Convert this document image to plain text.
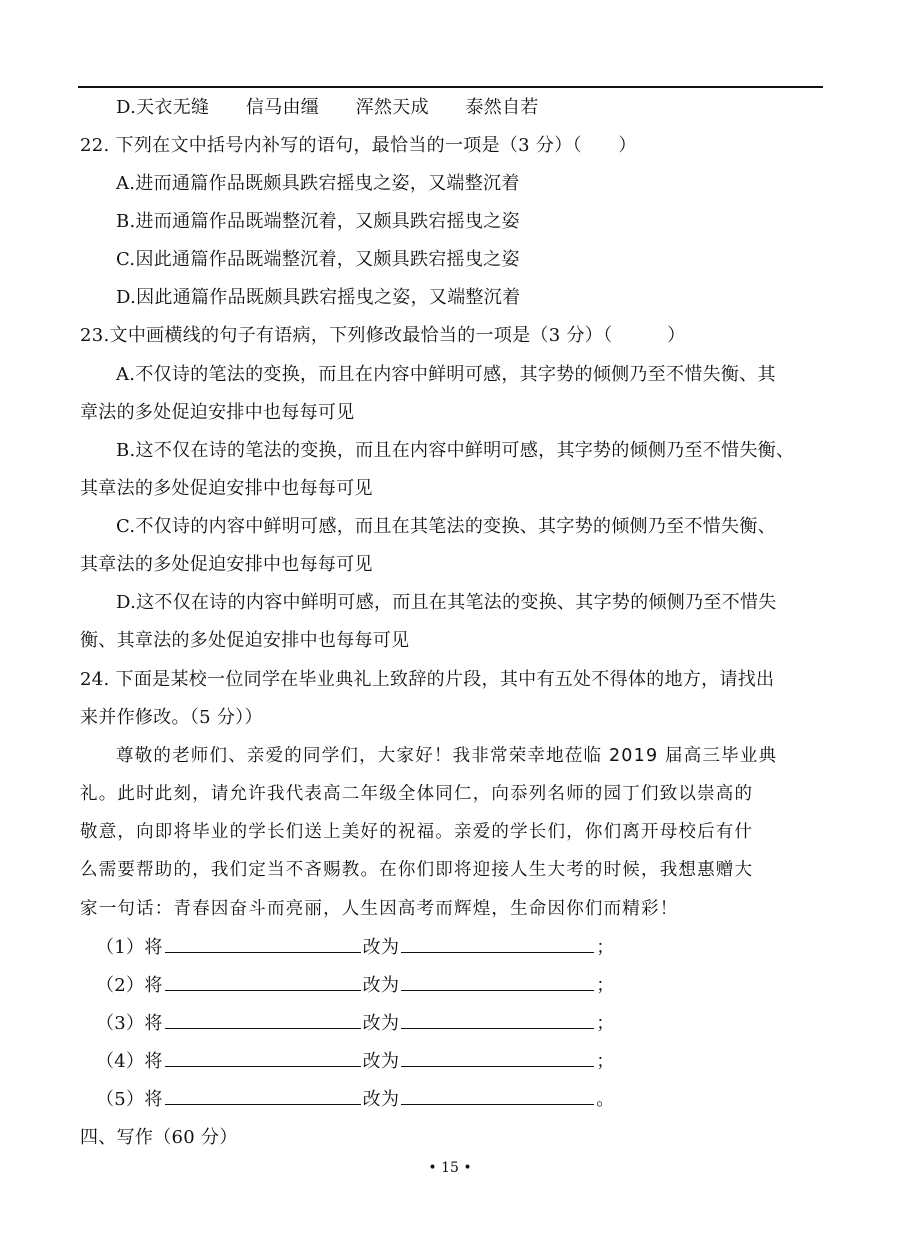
D.天衣无缝　　信马由缰　　浑然天成　　泰然自若
22. 下列在文中括号内补写的语句，最恰当的一项是（3 分）（　　）
A.进而通篇作品既颇具跌宕摇曳之姿，又端整沉着
B.进而通篇作品既端整沉着，又颇具跌宕摇曳之姿
C.因此通篇作品既端整沉着，又颇具跌宕摇曳之姿
D.因此通篇作品既颇具跌宕摇曳之姿，又端整沉着
23.文中画横线的句子有语病，下列修改最恰当的一项是（3 分）（　　　）
A.不仅诗的笔法的变换，而且在内容中鲜明可感，其字势的倾侧乃至不惜失衡、其
章法的多处促迫安排中也每每可见
B.这不仅在诗的笔法的变换，而且在内容中鲜明可感，其字势的倾侧乃至不惜失衡、
其章法的多处促迫安排中也每每可见
C.不仅诗的内容中鲜明可感，而且在其笔法的变换、其字势的倾侧乃至不惜失衡、
其章法的多处促迫安排中也每每可见
D.这不仅在诗的内容中鲜明可感，而且在其笔法的变换、其字势的倾侧乃至不惜失
衡、其章法的多处促迫安排中也每每可见
24. 下面是某校一位同学在毕业典礼上致辞的片段，其中有五处不得体的地方，请找出
来并作修改。（5 分））
尊敬的老师们、亲爱的同学们，大家好！我非常荣幸地莅临 2019 届高三毕业典
礼。此时此刻，请允许我代表高二年级全体同仁，向忝列名师的园丁们致以崇高的
敬意，向即将毕业的学长们送上美好的祝福。亲爱的学长们，你们离开母校后有什
么需要帮助的，我们定当不吝赐教。在你们即将迎接人生大考的时候，我想惠赠大
家一句话：青春因奋斗而亮丽，人生因高考而辉煌，生命因你们而精彩！
（1）将	改为	；
（2）将	改为	；
（3）将	改为	；
（4）将	改为	；
（5）将	改为	。
四、写作（60 分）
• 15 •
